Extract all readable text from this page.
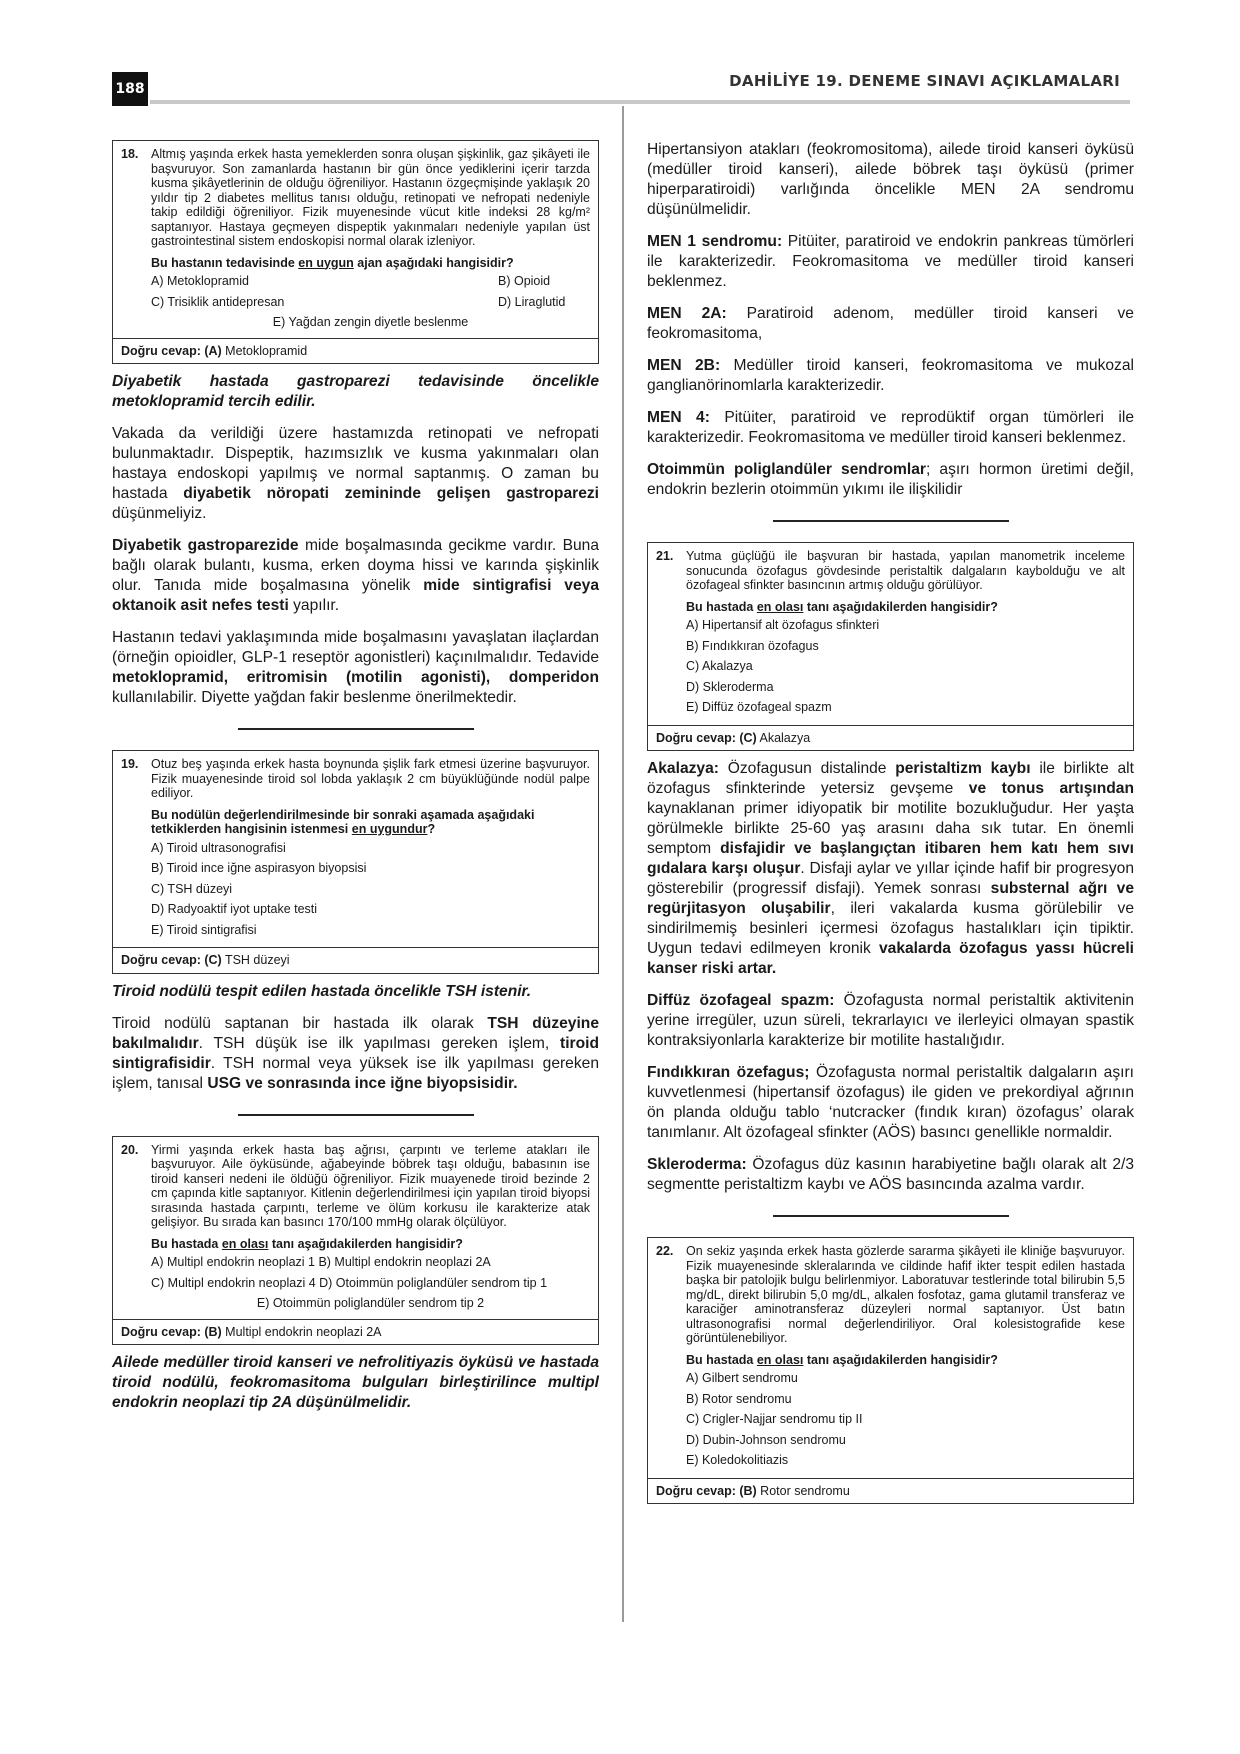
188	DAHİLİYE 19. DENEME SINAVI AÇIKLAMALARI
18.	Altmış yaşında erkek hasta yemeklerden sonra oluşan şişkinlik, gaz şikâyeti ile başvuruyor. Son zamanlarda hastanın bir gün önce yediklerini içerir tarzda kusma şikâyetlerinin de olduğu öğreniliyor. Hastanın özgeçmişinde yaklaşık 20 yıldır tip 2 diabetes mellitus tanısı olduğu, retinopati ve nefropati nedeniyle takip edildiği öğreniliyor. Fizik muyenesinde vücut kitle indeksi 28 kg/m² saptanıyor. Hastaya geçmeyen dispeptik yakınmaları nedeniyle yapılan üst gastrointestinal sistem endoskopisi normal olarak izleniyor.
Bu hastanın tedavisinde en uygun ajan aşağıdaki hangisidir?
A) Metoklopramid	B) Opioid
C) Trisiklik antidepresan	D) Liraglutid
E) Yağdan zengin diyetle beslenme
Doğru cevap: (A) Metoklopramid

Diyabetik hastada gastroparezi tedavisinde öncelikle metoklopramid tercih edilir.

Vakada da verildiği üzere hastamızda retinopati ve nefropati bulunmaktadır. Dispeptik, hazımsızlık ve kusma yakınmaları olan hastaya endoskopi yapılmış ve normal saptanmış. O zaman bu hastada diyabetik nöropati zemininde gelişen gastroparezi düşünmeliyiz.

Diyabetik gastroparezide mide boşalmasında gecikme vardır. Buna bağlı olarak bulantı, kusma, erken doyma hissi ve karında şişkinlik olur. Tanıda mide boşalmasına yönelik mide sintigrafisi veya oktanoik asit nefes testi yapılır.

Hastanın tedavi yaklaşımında mide boşalmasını yavaşlatan ilaçlardan (örneğin opioidler, GLP-1 reseptör agonistleri) kaçınılmalıdır. Tedavide metoklopramid, eritromisin (motilin agonisti), domperidon kullanılabilir. Diyette yağdan fakir beslenme önerilmektedir.

19.	Otuz beş yaşında erkek hasta boynunda şişlik fark etmesi üzerine başvuruyor. Fizik muayenesinde tiroid sol lobda yaklaşık 2 cm büyüklüğünde nodül palpe ediliyor.
Bu nodülün değerlendirilmesinde bir sonraki aşamada aşağıdaki tetkiklerden hangisinin istenmesi en uygundur?
A) Tiroid ultrasonografisi
B) Tiroid ince iğne aspirasyon biyopsisi
C) TSH düzeyi
D) Radyoaktif iyot uptake testi
E) Tiroid sintigrafisi
Doğru cevap: (C) TSH düzeyi

Tiroid nodülü tespit edilen hastada öncelikle TSH istenir.

Tiroid nodülü saptanan bir hastada ilk olarak TSH düzeyine bakılmalıdır. TSH düşük ise ilk yapılması gereken işlem, tiroid sintigrafisidir. TSH normal veya yüksek ise ilk yapılması gereken işlem, tanısal USG ve sonrasında ince iğne biyopsisidir.

20.	Yirmi yaşında erkek hasta baş ağrısı, çarpıntı ve terleme atakları ile başvuruyor. Aile öyküsünde, ağabeyinde böbrek taşı olduğu, babasının ise tiroid kanseri nedeni ile öldüğü öğreniliyor. Fizik muayenede tiroid bezinde 2 cm çapında kitle saptanıyor. Kitlenin değerlendirilmesi için yapılan tiroid biyopsi sırasında hastada çarpıntı, terleme ve ölüm korkusu ile karakterize atak gelişiyor. Bu sırada kan basıncı 170/100 mmHg olarak ölçülüyor.
Bu hastada en olası tanı aşağıdakilerden hangisidir?
A) Multipl endokrin neoplazi 1 B) Multipl endokrin neoplazi 2A
C) Multipl endokrin neoplazi 4 D) Otoimmün poliglandüler sendrom tip 1
E) Otoimmün poliglandüler sendrom tip 2
Doğru cevap: (B) Multipl endokrin neoplazi 2A

Ailede medüller tiroid kanseri ve nefrolitiyazis öyküsü ve hastada tiroid nodülü, feokromasitoma bulguları birleştirilince multipl endokrin neoplazi tip 2A düşünülmelidir.

Hipertansiyon atakları (feokromositoma), ailede tiroid kanseri öyküsü (medüller tiroid kanseri), ailede böbrek taşı öyküsü (primer hiperparatiroidi) varlığında öncelikle MEN 2A sendromu düşünülmelidir.

MEN 1 sendromu: Pitüiter, paratiroid ve endokrin pankreas tümörleri ile karakterizedir. Feokromasitoma ve medüller tiroid kanseri beklenmez.

MEN 2A: Paratiroid adenom, medüller tiroid kanseri ve feokromasitoma,

MEN 2B: Medüller tiroid kanseri, feokromasitoma ve mukozal ganglianörinomlarla karakterizedir.

MEN 4: Pitüiter, paratiroid ve reprodüktif organ tümörleri ile karakterizedir. Feokromasitoma ve medüller tiroid kanseri beklenmez.

Otoimmün poliglandüler sendromlar; aşırı hormon üretimi değil, endokrin bezlerin otoimmün yıkımı ile ilişkilidir

21.	Yutma güçlüğü ile başvuran bir hastada, yapılan manometrik inceleme sonucunda özofagus gövdesinde peristaltik dalgaların kaybolduğu ve alt özofageal sfinkter basıncının artmış olduğu görülüyor.
Bu hastada en olası tanı aşağıdakilerden hangisidir?
A) Hipertansif alt özofagus sfinkteri
B) Fındıkkıran özofagus
C) Akalazya
D) Skleroderma
E) Diffüz özofageal spazm
Doğru cevap: (C) Akalazya

Akalazya: Özofagusun distalinde peristaltizm kaybı ile birlikte alt özofagus sfinkterinde yetersiz gevşeme ve tonus artışından kaynaklanan primer idiyopatik bir motilite bozukluğudur. Her yaşta görülmekle birlikte 25-60 yaş arasını daha sık tutar. En önemli semptom disfajidir ve başlangıçtan itibaren hem katı hem sıvı gıdalara karşı oluşur. Disfaji aylar ve yıllar içinde hafif bir progresyon gösterebilir (progressif disfaji). Yemek sonrası substernal ağrı ve regürjitasyon oluşabilir, ileri vakalarda kusma görülebilir ve sindirilmemiş besinleri içermesi özofagus hastalıkları için tipiktir. Uygun tedavi edilmeyen kronik vakalarda özofagus yassı hücreli kanser riski artar.

Diffüz özofageal spazm: Özofagusta normal peristaltik aktivitenin yerine irregüler, uzun süreli, tekrarlayıcı ve ilerleyici olmayan spastik kontraksiyonlarla karakterize bir motilite hastalığıdır.

Fındıkkıran özefagus; Özofagusta normal peristaltik dalgaların aşırı kuvvetlenmesi (hipertansif özofagus) ile giden ve prekordiyal ağrının ön planda olduğu tablo ‘nutcracker (fındık kıran) özofagus’ olarak tanımlanır. Alt özofageal sfinkter (AÖS) basıncı genellikle normaldir.

Skleroderma: Özofagus düz kasının harabiyetine bağlı olarak alt 2/3 segmentte peristaltizm kaybı ve AÖS basıncında azalma vardır.

22.	On sekiz yaşında erkek hasta gözlerde sararma şikâyeti ile kliniğe başvuruyor. Fizik muayenesinde skleralarında ve cildinde hafif ikter tespit edilen hastada başka bir patolojik bulgu belirlenmiyor. Laboratuvar testlerinde total bilirubin 5,5 mg/dL, direkt bilirubin 5,0 mg/dL, alkalen fosfotaz, gama glutamil transferaz ve karaciğer aminotransferaz düzeyleri normal saptanıyor. Üst batın ultrasonografisi normal değerlendiriliyor. Oral kolesistografide kese görüntülenebiliyor.
Bu hastada en olası tanı aşağıdakilerden hangisidir?
A) Gilbert sendromu
B) Rotor sendromu
C) Crigler-Najjar sendromu tip II
D) Dubin-Johnson sendromu
E) Koledokolitiazis
Doğru cevap: (B) Rotor sendromu
